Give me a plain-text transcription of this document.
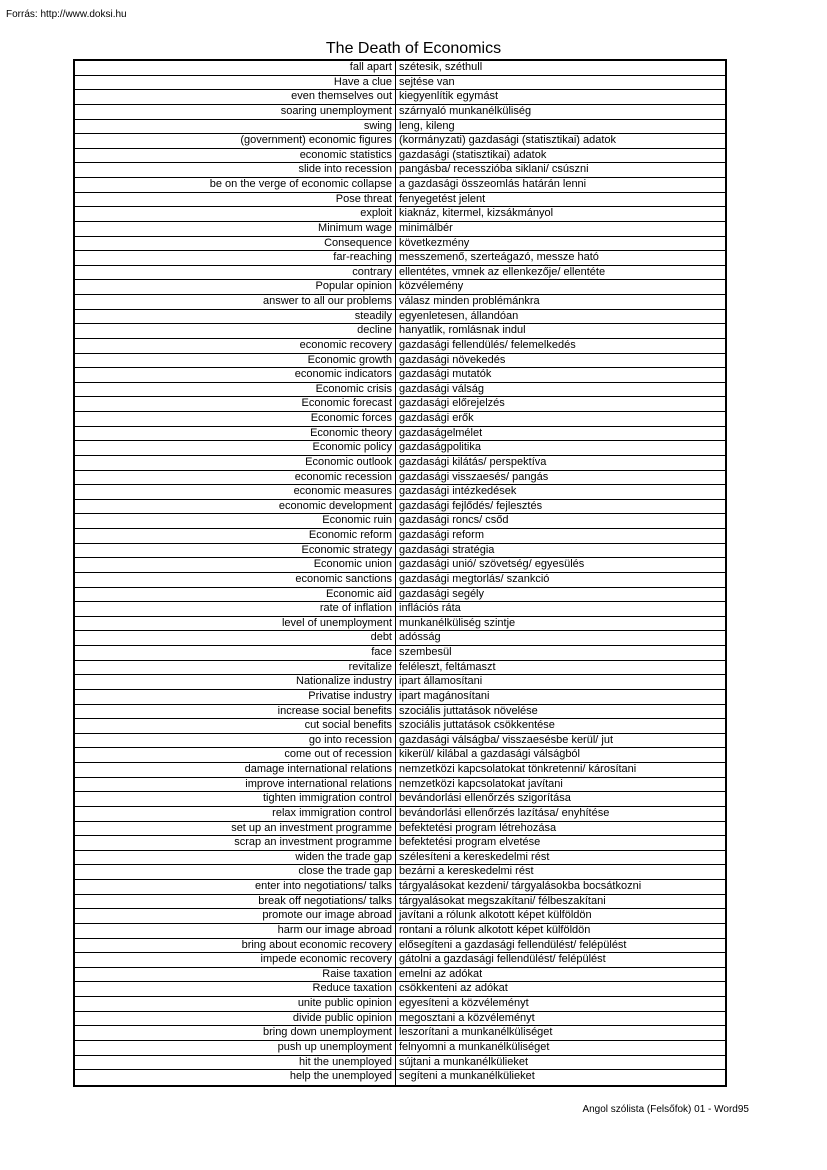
Forrás: http://www.doksi.hu
The Death of Economics
fall apart szétesik, széthull
Have a clue sejtése van
even themselves out kiegyenlítik egymást
soaring unemployment szárnyaló munkanélküliség
swing leng, kileng
(government) economic figures (kormányzati) gazdasági (statisztikai) adatok
economic statistics gazdasági (statisztikai) adatok
slide into recession pangásba/ recesszióba siklani/ csúszni
be on the verge of economic collapse a gazdasági összeomlás határán lenni
Pose threat fenyegetést jelent
exploit kiaknáz, kitermel, kizsákmányol
Minimum wage minimálbér
Consequence következmény
far-reaching messzemenő, szerteágazó, messze ható
contrary ellentétes, vmnek az ellenkezője/ ellentéte
Popular opinion közvélemény
answer to all our problems válasz minden problémánkra
steadily egyenletesen, állandóan
decline hanyatlik, romlásnak indul
economic recovery gazdasági fellendülés/ felemelkedés
Economic growth gazdasági növekedés
economic indicators gazdasági mutatók
Economic crisis gazdasági válság
Economic forecast gazdasági előrejelzés
Economic forces gazdasági erők
Economic theory gazdaságelmélet
Economic policy gazdaságpolitika
Economic outlook gazdasági kilátás/ perspektíva
economic recession gazdasági visszaesés/ pangás
economic measures gazdasági intézkedések
economic development gazdasági fejlődés/ fejlesztés
Economic ruin gazdasági roncs/ csőd
Economic reform gazdasági reform
Economic strategy gazdasági stratégia
Economic union gazdasági unió/ szövetség/ egyesülés
economic sanctions gazdasági megtorlás/ szankció
Economic aid gazdasági segély
rate of inflation inflációs ráta
level of unemployment munkanélküliség szintje
debt adósság
face szembesül
revitalize feléleszt, feltámaszt
Nationalize industry ipart államosítani
Privatise industry ipart magánosítani
increase social benefits szociális juttatások növelése
cut social benefits szociális juttatások csökkentése
go into recession gazdasági válságba/ visszaesésbe kerül/ jut
come out of recession kikerül/ kilábal a gazdasági válságból
damage international relations nemzetközi kapcsolatokat tönkretenni/ károsítani
improve international relations nemzetközi kapcsolatokat javítani
tighten immigration control bevándorlási ellenőrzés szigorítása
relax immigration control bevándorlási ellenőrzés lazítása/ enyhítése
set up an investment programme befektetési program létrehozása
scrap an investment programme befektetési program elvetése
widen the trade gap szélesíteni a kereskedelmi rést
close the trade gap bezárni a kereskedelmi rést
enter into negotiations/ talks tárgyalásokat kezdeni/ tárgyalásokba bocsátkozni
break off negotiations/ talks tárgyalásokat megszakítani/ félbeszakítani
promote our image abroad javítani a rólunk alkotott képet külföldön
harm our image abroad rontani a rólunk alkotott képet külföldön
bring about economic recovery elősegíteni a gazdasági fellendülést/ felépülést
impede economic recovery gátolni a gazdasági fellendülést/ felépülést
Raise taxation emelni az adókat
Reduce taxation csökkenteni az adókat
unite public opinion egyesíteni a közvéleményt
divide public opinion megosztani a közvéleményt
bring down unemployment leszorítani a munkanélküliséget
push up unemployment felnyomni a munkanélküliséget
hit the unemployed sújtani a munkanélkülieket
help the unemployed segíteni a munkanélkülieket
Angol szólista (Felsőfok) 01 - Word95
